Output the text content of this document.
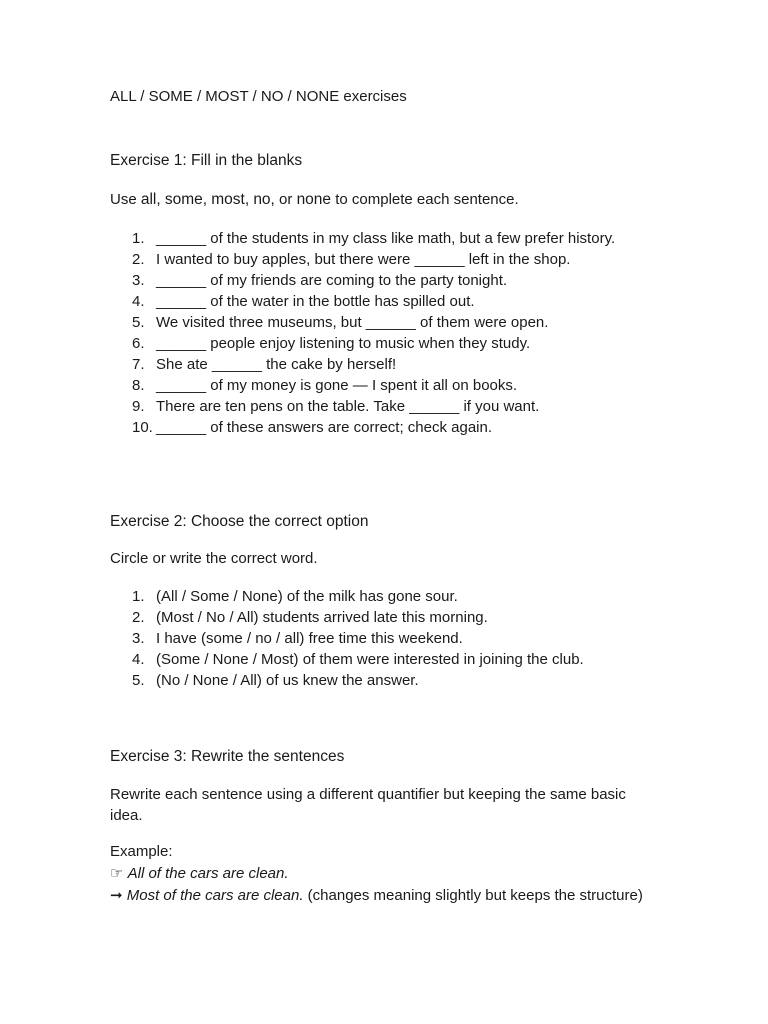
ALL / SOME / MOST / NO / NONE exercises
Exercise 1: Fill in the blanks

Use all, some, most, no, or none to complete each sentence.

1. ______ of the students in my class like math, but a few prefer history.
2. I wanted to buy apples, but there were ______ left in the shop.
3. ______ of my friends are coming to the party tonight.
4. ______ of the water in the bottle has spilled out.
5. We visited three museums, but ______ of them were open.
6. ______ people enjoy listening to music when they study.
7. She ate ______ the cake by herself!
8. ______ of my money is gone — I spent it all on books.
9. There are ten pens on the table. Take ______ if you want.
10. ______ of these answers are correct; check again.
Exercise 2: Choose the correct option

Circle or write the correct word.

1. (All / Some / None) of the milk has gone sour.
2. (Most / No / All) students arrived late this morning.
3. I have (some / no / all) free time this weekend.
4. (Some / None / Most) of them were interested in joining the club.
5. (No / None / All) of us knew the answer.
Exercise 3: Rewrite the sentences

Rewrite each sentence using a different quantifier but keeping the same basic idea.

Example:
☞ All of the cars are clean.
➞ Most of the cars are clean. (changes meaning slightly but keeps the structure)
